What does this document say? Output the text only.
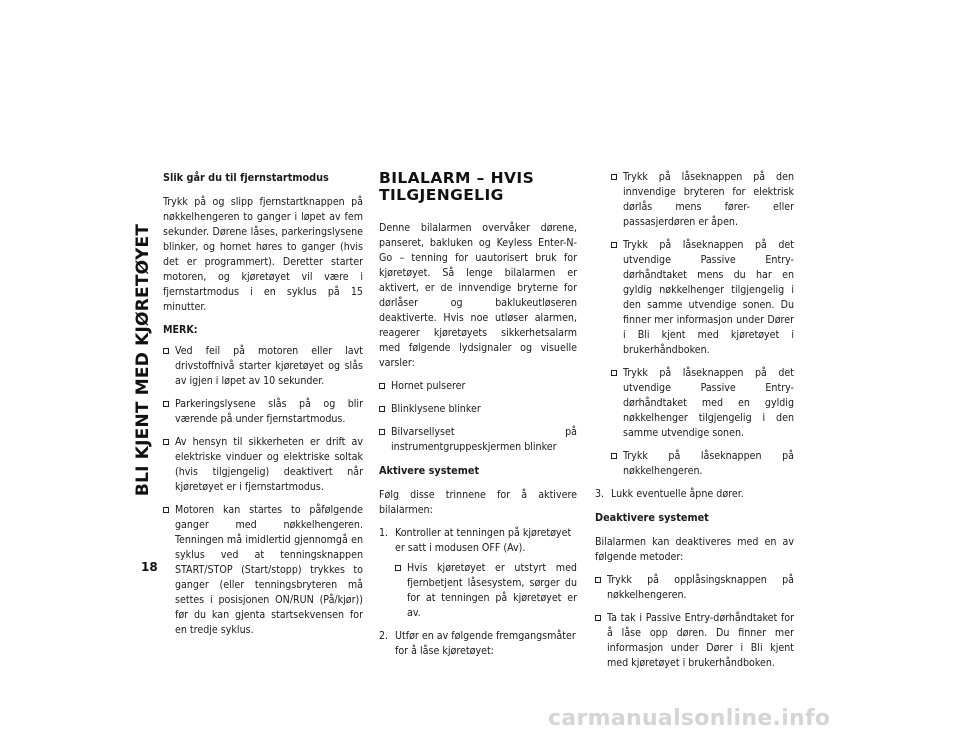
BLI KJENT MED KJØRETØYET
18
Slik går du til fjernstartmodus

Trykk på og slipp fjernstartknappen på nøkkelhengeren to ganger i løpet av fem sekunder. Dørene låses, parkeringslysene blinker, og hornet høres to ganger (hvis det er programmert). Deretter starter motoren, og kjøretøyet vil være i fjernstartmodus i en syklus på 15 minutter.

MERK:
Ved feil på motoren eller lavt drivstoffnivå starter kjøretøyet og slås av igjen i løpet av 10 sekunder.
Parkeringslysene slås på og blir værende på under fjernstartmodus.
Av hensyn til sikkerheten er drift av elektriske vinduer og elektriske soltak (hvis tilgjengelig) deaktivert når kjøretøyet er i fjernstartmodus.
Motoren kan startes to påfølgende ganger med nøkkelhengeren. Tenningen må imidlertid gjennomgå en syklus ved at tenningsknappen START/STOP (Start/stopp) trykkes to ganger (eller tenningsbryteren må settes i posisjonen ON/RUN (På/kjør)) før du kan gjenta startsekvensen for en tredje syklus.
BILALARM – HVIS TILGJENGELIG

Denne bilalarmen overvåker dørene, panseret, bakluken og Keyless Enter-N-Go – tenning for uautorisert bruk for kjøretøyet. Så lenge bilalarmen er aktivert, er de innvendige bryterne for dørlåser og baklukeutløseren deaktiverte. Hvis noe utløser alarmen, reagerer kjøretøyets sikkerhetsalarm med følgende lydsignaler og visuelle varsler:

Hornet pulserer
Blinklysene blinker
Bilvarsellyset på instrumentgruppeskjermen blinker
Aktivere systemet

Følg disse trinnene for å aktivere bilalarmen:

1. Kontroller at tenningen på kjøretøyet er satt i modusen OFF (Av).
Hvis kjøretøyet er utstyrt med fjernbetjent låsesystem, sørger du for at tenningen på kjøretøyet er av.
2. Utfør en av følgende fremgangsmåter for å låse kjøretøyet:
Trykk på låseknappen på den innvendige bryteren for elektrisk dørlås mens fører- eller passasjerdøren er åpen.
Trykk på låseknappen på det utvendige Passive Entry-dørhåndtaket mens du har en gyldig nøkkelhenger tilgjengelig i den samme utvendige sonen. Du finner mer informasjon under Dører i Bli kjent med kjøretøyet i brukerhåndboken.
Trykk på låseknappen på det utvendige Passive Entry-dørhåndtaket med en gyldig nøkkelhenger tilgjengelig i den samme utvendige sonen.
Trykk på låseknappen på nøkkelhengeren.
3. Lukk eventuelle åpne dører.
Deaktivere systemet

Bilalarmen kan deaktiveres med en av følgende metoder:

Trykk på opplåsingsknappen på nøkkelhengeren.
Ta tak i Passive Entry-dørhåndtaket for å låse opp døren. Du finner mer informasjon under Dører i Bli kjent med kjøretøyet i brukerhåndboken.
carmanualsonline.info
